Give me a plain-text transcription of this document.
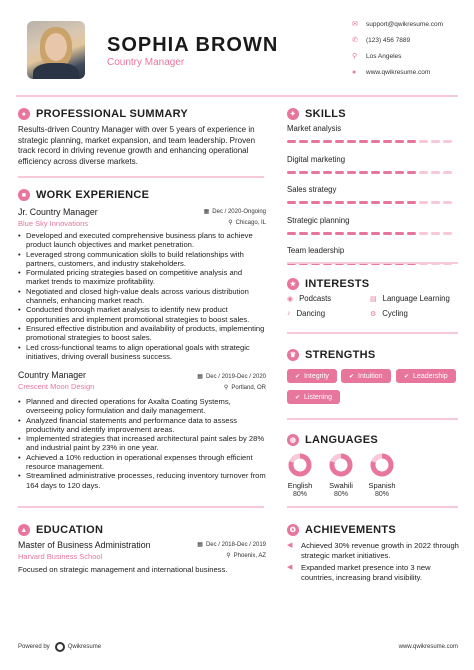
SOPHIA BROWN
Country Manager
✉	support@qwikresume.com
✆	(123) 456 7889
⚲	Los Angeles
●	www.qwikresume.com
● PROFESSIONAL SUMMARY
Results-driven Country Manager with over 5 years of experience in strategic planning, market expansion, and team leadership. Proven track record in driving revenue growth and enhancing operational efficiency across diverse markets.
■ WORK EXPERIENCE
Jr. Country Manager
Blue Sky Innovations
▦ Dec / 2020-Ongoing
⚲ Chicago, IL
• Developed and executed comprehensive business plans to achieve product launch objectives and market penetration.
• Leveraged strong communication skills to build relationships with partners, customers, and industry stakeholders.
• Formulated pricing strategies based on competitive analysis and market trends to maximize profitability.
• Negotiated and closed high-value deals across various distribution channels, enhancing market reach.
• Conducted thorough market analysis to identify new product opportunities and implement promotional strategies to boost sales.
• Ensured effective distribution and availability of products, implementing promotional strategies to boost sales.
• Led cross-functional teams to align operational goals with strategic initiatives, driving overall business success.
Country Manager
Crescent Moon Design
▦ Dec / 2019-Dec / 2020
⚲ Portland, OR
• Planned and directed operations for Axalta Coating Systems, overseeing policy formulation and daily management.
• Analyzed financial statements and performance data to assess productivity and identify improvement areas.
• Implemented strategies that increased architectural paint sales by 28% and industrial paint by 23% in one year.
• Achieved a 10% reduction in operational expenses through efficient resource management.
• Streamlined administrative processes, reducing inventory turnover from 164 days to 120 days.
▲ EDUCATION
Master of Business Administration
Harvard Business School
▦ Dec / 2018-Dec / 2019
⚲ Phoenix, AZ
Focused on strategic management and international business.
✦ SKILLS
Market analysis
Digital marketing
Sales strategy
Strategic planning
Team leadership
★ INTERESTS
◉ Podcasts	▤ Language Learning
♪ Dancing	⚙ Cycling
♛ STRENGTHS
✔ Integrity	✔ Intuition	✔ Leadership
✔ Listening
◍ LANGUAGES
English
80%
Swahili
80%
Spanish
80%
✪ ACHIEVEMENTS
◀	Achieved 30% revenue growth in 2022 through strategic market initiatives.
◀	Expanded market presence into 3 new countries, increasing brand visibility.
Powered by	Qwikresume	www.qwikresume.com
